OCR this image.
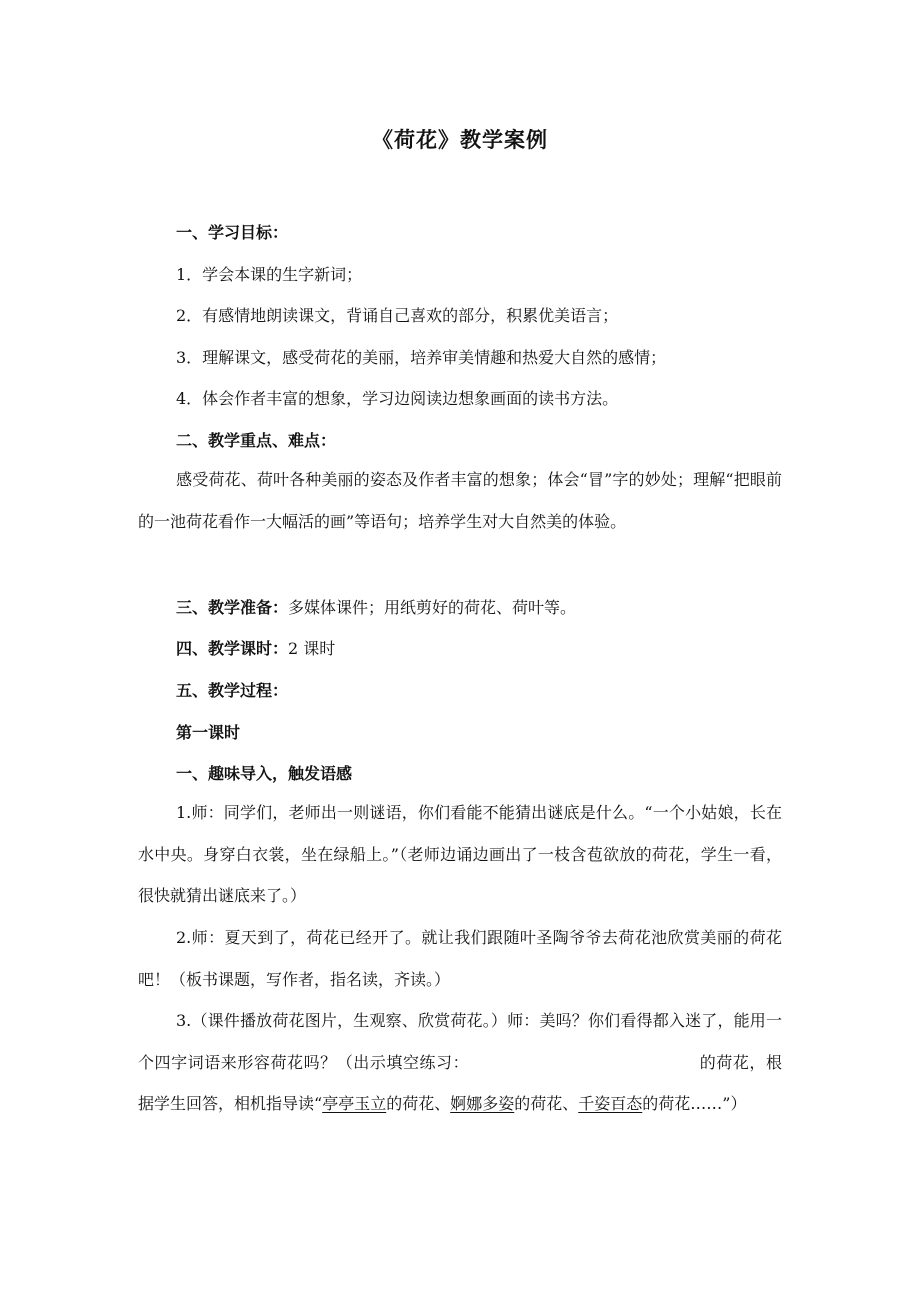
《荷花》教学案例
一、学习目标：
1．学会本课的生字新词；
2．有感情地朗读课文，背诵自己喜欢的部分，积累优美语言；
3．理解课文，感受荷花的美丽，培养审美情趣和热爱大自然的感情；
4．体会作者丰富的想象，学习边阅读边想象画面的读书方法。
二、教学重点、难点：
感受荷花、荷叶各种美丽的姿态及作者丰富的想象；体会“冒”字的妙处；理解“把眼前的一池荷花看作一大幅活的画”等语句；培养学生对大自然美的体验。
三、教学准备：多媒体课件；用纸剪好的荷花、荷叶等。
四、教学课时：2 课时
五、教学过程：
第一课时
一、趣味导入，触发语感
1.师：同学们，老师出一则谜语，你们看能不能猜出谜底是什么。“一个小姑娘，长在水中央。身穿白衣裳，坐在绿船上。”（老师边诵边画出了一枝含苞欲放的荷花，学生一看，很快就猜出谜底来了。）
2.师：夏天到了，荷花已经开了。就让我们跟随叶圣陶爷爷去荷花池欣赏美丽的荷花吧！（板书课题，写作者，指名读，齐读。）
3.（课件播放荷花图片，生观察、欣赏荷花。）师：美吗？你们看得都入迷了，能用一个四字词语来形容荷花吗？（出示填空练习：	的荷花，根据学生回答，相机指导读“亭亭玉立的荷花、婀娜多姿的荷花、千姿百态的荷花……”）
